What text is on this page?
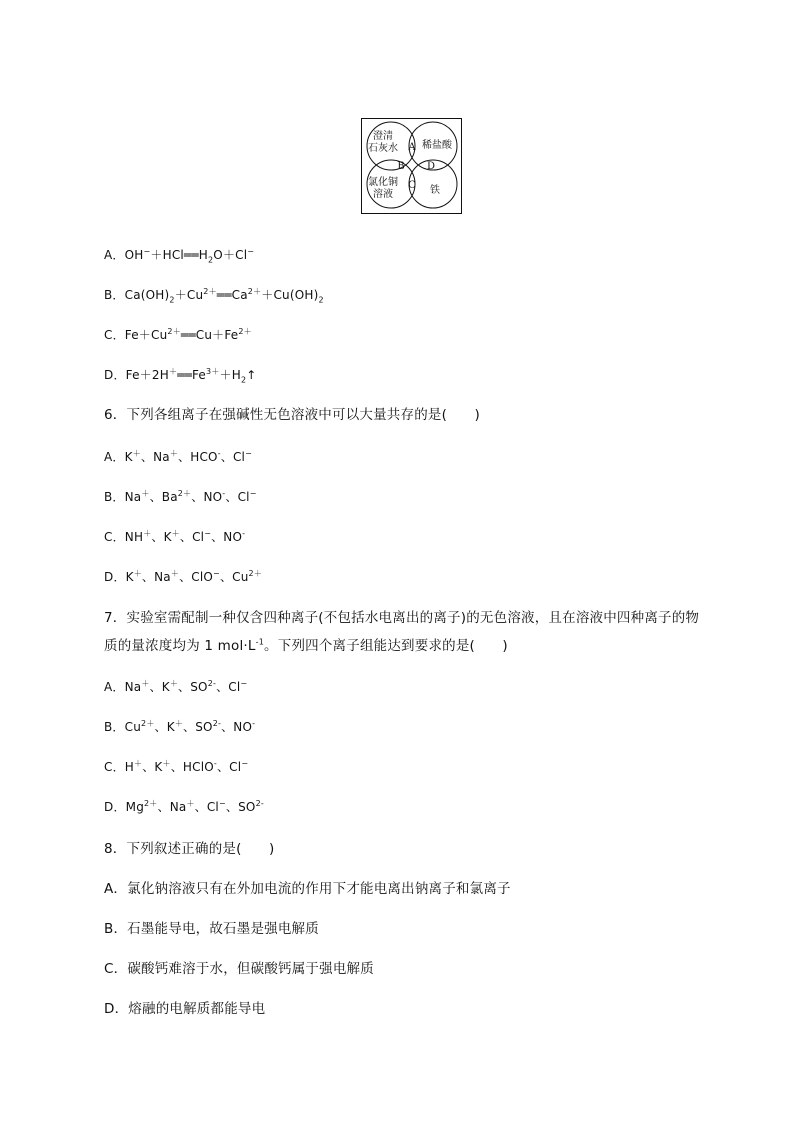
澄清
石灰水 稀盐酸
氯化铜
溶液	铁
A
B
C
D
A．$OH^-+HCl══H_2O+Cl^-$
B．$Ca(OH)_2+Cu^{2+}══Ca^{2+}+Cu(OH)_2$
C．$Fe+Cu^{2+}══Cu+Fe^{2+}$
D．$Fe+2H^+══Fe^{3+}+H_2↑$
6．下列各组离子在强碱性无色溶液中可以大量共存的是(　　)
A．K＋、Na＋、HCO-、Cl−
B．Na＋、$Ba^{2+}$、NO-、Cl−
C．NH＋、K＋、Cl−、NO-
D．K＋、Na＋、ClO−、$Cu^{2+}$
7．实验室需配制一种仅含四种离子(不包括水电离出的离子)的无色溶液，且在溶液中四种离子的物
质的量浓度均为 1 $mol\cdot L^{-1}$。下列四个离子组能达到要求的是(　　)
A．Na＋、K＋、$SO^{2-}$、Cl−
B．$Cu^{2+}$、K＋、$SO^{2-}$、NO-
C．H＋、K＋、HClO-、Cl−
D．$Mg^{2+}$、Na＋、Cl−、$SO^{2-}$
8．下列叙述正确的是(　　)
A．氯化钠溶液只有在外加电流的作用下才能电离出钠离子和氯离子
B．石墨能导电，故石墨是强电解质
C．碳酸钙难溶于水，但碳酸钙属于强电解质
D．熔融的电解质都能导电
